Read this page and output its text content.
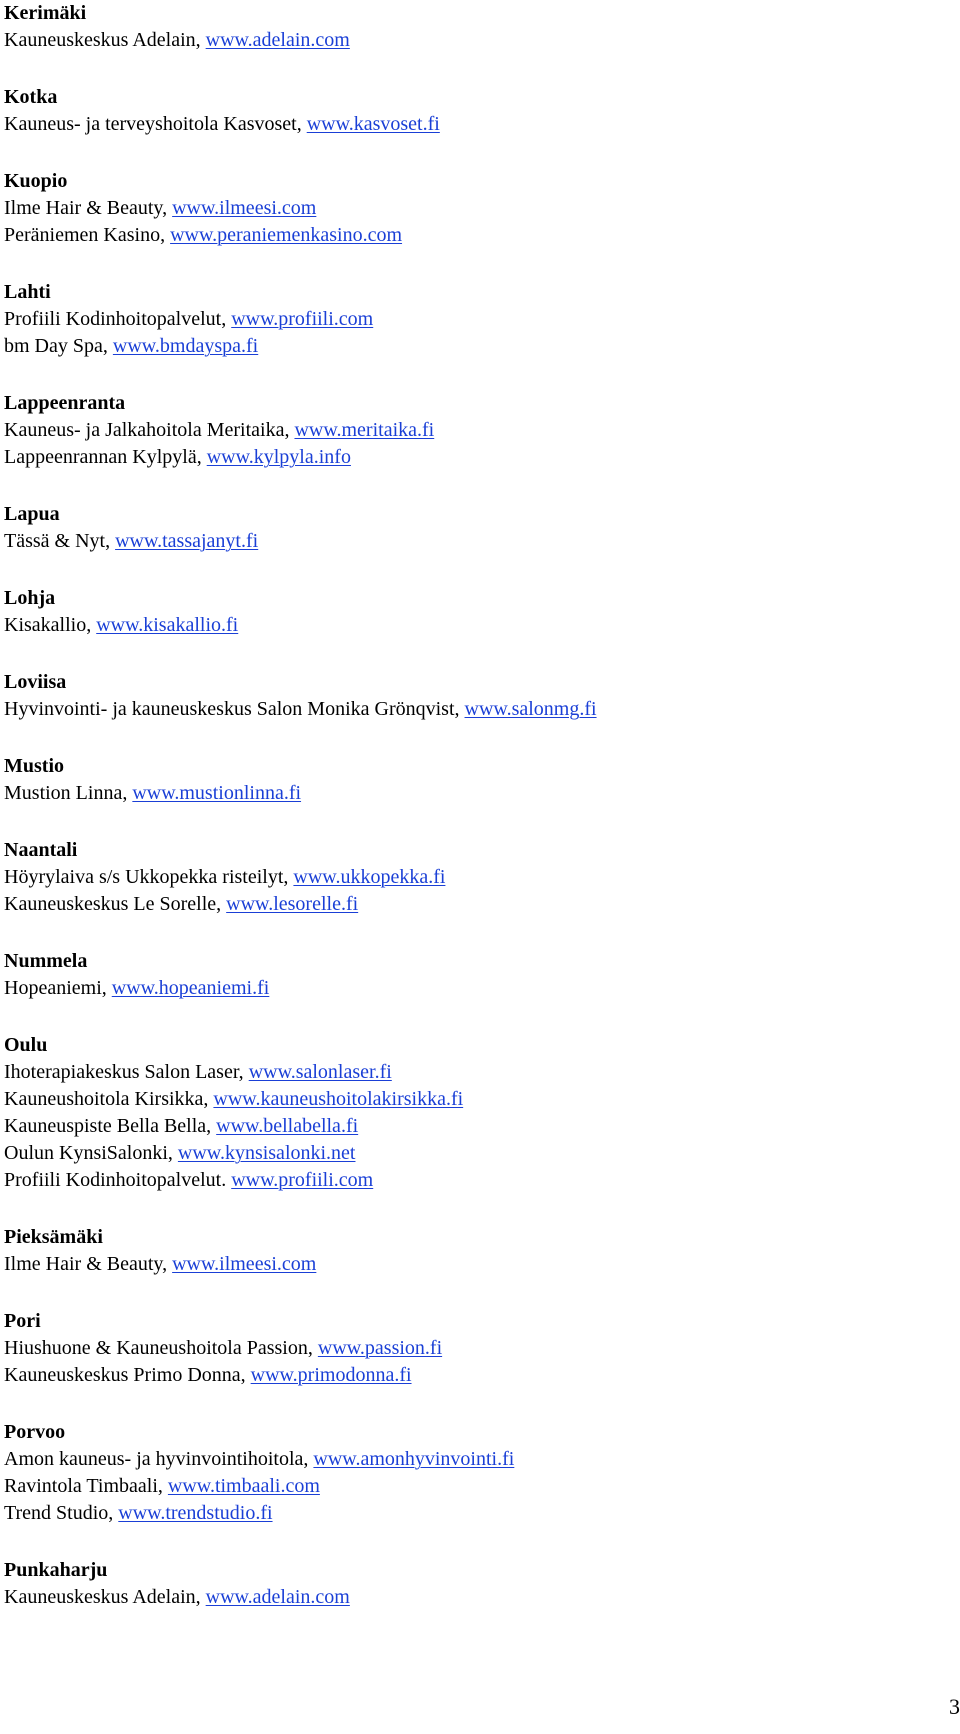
Kerimäki
Kauneuskeskus Adelain, www.adelain.com
Kotka
Kauneus- ja terveyshoitola Kasvoset, www.kasvoset.fi
Kuopio
Ilme Hair & Beauty, www.ilmeesi.com
Peräniemen Kasino, www.peraniemenkasino.com
Lahti
Profiili Kodinhoitopalvelut, www.profiili.com
bm Day Spa, www.bmdayspa.fi
Lappeenranta
Kauneus- ja Jalkahoitola Meritaika, www.meritaika.fi
Lappeenrannan Kylpylä, www.kylpyla.info
Lapua
Tässä & Nyt, www.tassajanyt.fi
Lohja
Kisakallio, www.kisakallio.fi
Loviisa
Hyvinvointi- ja kauneuskeskus Salon Monika Grönqvist, www.salonmg.fi
Mustio
Mustion Linna, www.mustionlinna.fi
Naantali
Höyrylaiva s/s Ukkopekka risteilyt, www.ukkopekka.fi
Kauneuskeskus Le Sorelle, www.lesorelle.fi
Nummela
Hopeaniemi, www.hopeaniemi.fi
Oulu
Ihoterapiakeskus Salon Laser, www.salonlaser.fi
Kauneushoitola Kirsikka, www.kauneushoitolakirsikka.fi
Kauneuspiste Bella Bella, www.bellabella.fi
Oulun KynsiSalonki, www.kynsisalonki.net
Profiili Kodinhoitopalvelut. www.profiili.com
Pieksämäki
Ilme Hair & Beauty, www.ilmeesi.com
Pori
Hiushuone & Kauneushoitola Passion, www.passion.fi
Kauneuskeskus Primo Donna, www.primodonna.fi
Porvoo
Amon kauneus- ja hyvinvointihoitola, www.amonhyvinvointi.fi
Ravintola Timbaali, www.timbaali.com
Trend Studio, www.trendstudio.fi
Punkaharju
Kauneuskeskus Adelain, www.adelain.com
3
